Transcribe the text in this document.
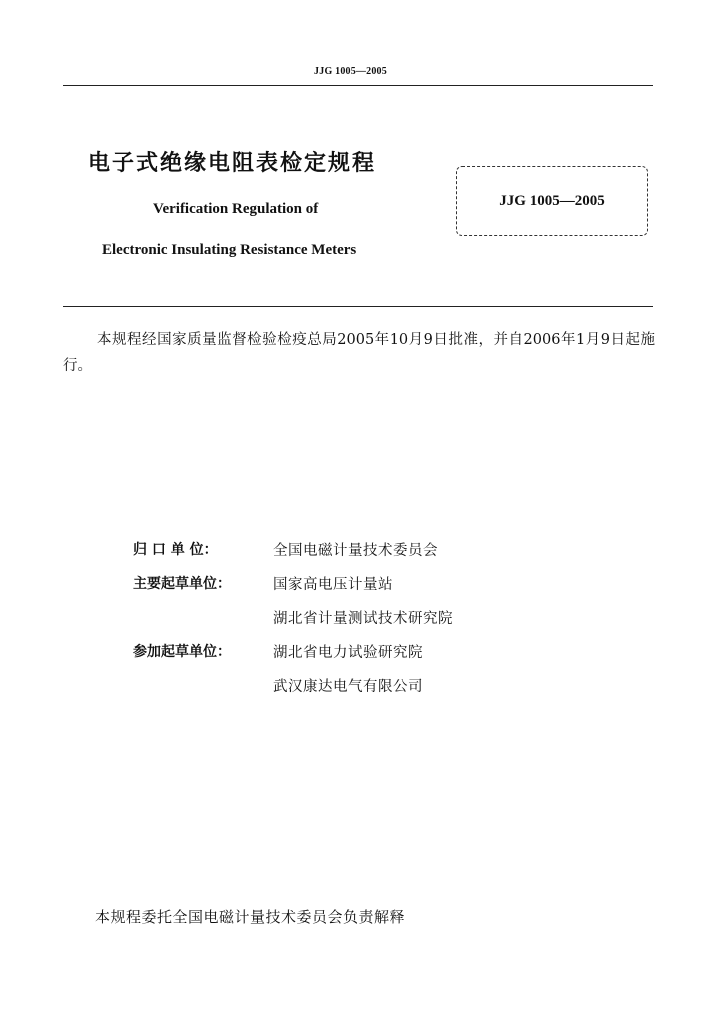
JJG 1005—2005
电子式绝缘电阻表检定规程
Verification Regulation of
Electronic Insulating Resistance Meters
JJG 1005—2005
本规程经国家质量监督检验检疫总局2005年10月9日批准，并自2006年1月9日起施行。
归 口 单 位：	全国电磁计量技术委员会
主要起草单位：	国家高电压计量站
湖北省计量测试技术研究院
参加起草单位：	湖北省电力试验研究院
武汉康达电气有限公司
本规程委托全国电磁计量技术委员会负责解释
